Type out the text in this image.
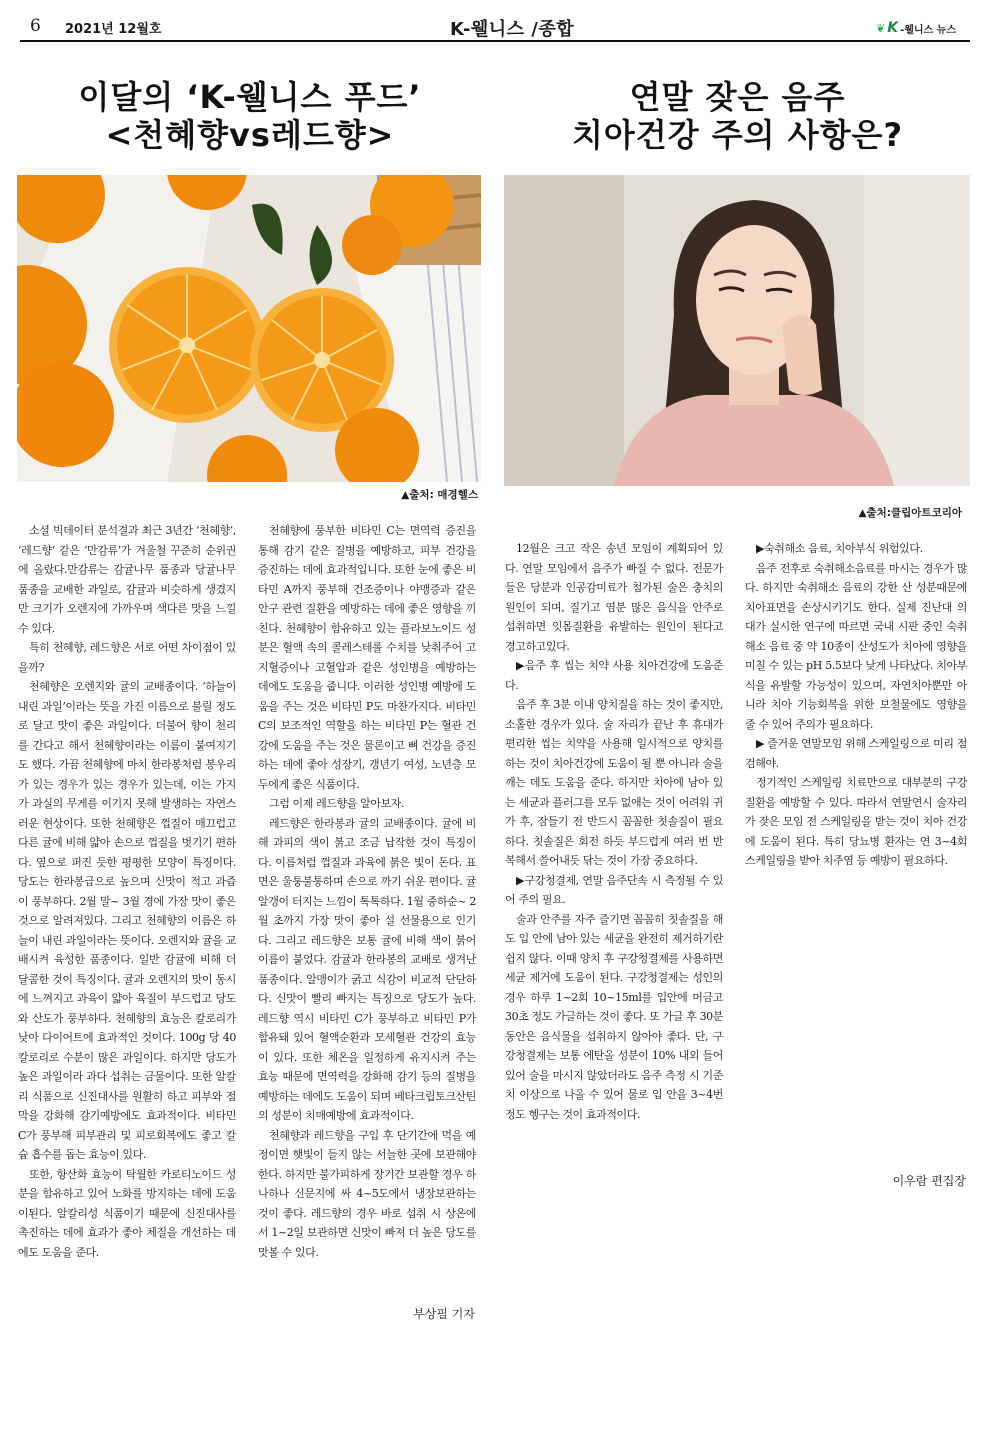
6 2021년 12월호	K-웰니스 /종합	❦ K -웰니스 뉴스
이달의 ‘K-웰니스 푸드’
<천혜향vs레드향>
▲출처: 매경헬스

소셜 빅데이터 분석결과 최근 3년간 ‘천혜향’, ‘레드향’ 같은 ‘만감류’가 겨울철 꾸준히 순위권에 올랐다.만감류는 감귤나무 품종과 당귤나무 품종을 교배한 과일로, 감귤과 비슷하게 생겼지만 크기가 오렌지에 가까우며 색다른 맛을 느낄 수 있다.

특히 천혜향, 레드향은 서로 어떤 차이점이 있을까?

천혜향은 오렌지와 귤의 교배종이다. ‘하늘이 내린 과일’이라는 뜻을 가진 이름으로 불릴 정도로 달고 맛이 좋은 과일이다. 더불어 향이 천리를 간다고 해서 천혜향이라는 이름이 붙여지기도 했다. 가끔 천혜향에 마치 한라봉처럼 봉우리가 있는 경우가 있는 경우가 있는데, 이는 가지가 과실의 무게를 이기지 못해 발생하는 자연스러운 현상이다. 또한 천혜향은 껍질이 매끄럽고 다른 귤에 비해 얇아 손으로 껍질을 벗기기 편하다. 옆으로 퍼진 듯한 평평한 모양이 특징이다. 당도는 한라봉급으로 높으며 신맛이 적고 과즙이 풍부하다. 2월 말~ 3월 경에 가장 맛이 좋은 것으로 알려져있다. 그리고 천혜향의 이름은 하늘이 내린 과일이라는 뜻이다. 오렌지와 귤을 교배시켜 육성한 품종이다. 일반 감귤에 비해 더 달콤한 것이 특징이다. 귤과 오렌지의 맛이 동시에 느껴지고 과육이 얇아 육질이 부드럽고 당도와 산도가 풍부하다. 천혜향의 효능은 칼로리가 낮아 다이어트에 효과적인 것이다. 100g 당 40칼로리로 수분이 많은 과일이다. 하지만 당도가 높은 과일이라 과다 섭취는 금물이다. 또한 알칼리 식품으로 신진대사를 원활히 하고 피부와 점막을 강화해 감기예방에도 효과적이다. 비타민 C가 풍부해 피부관리 및 피로회복에도 좋고 칼슘 흡수를 돕는 효능이 있다.

또한, 항산화 효능이 탁월한 카로티노이드 성분을 함유하고 있어 노화를 방지하는 데에 도움이된다. 알칼리성 식품이기 때문에 신진대사를 촉진하는 데에 효과가 좋아 체질을 개선하는 데에도 도움을 준다.

천혜향에 풍부한 비타민 C는 면역력 증진을 통해 감기 같은 질병을 예방하고, 피부 건강을 증진하는 데에 효과적입니다. 또한 눈에 좋은 비타민 A까지 풍부해 건조증이나 야맹증과 같은 안구 관련 질환을 예방하는 데에 좋은 영향을 끼친다. 천혜향이 함유하고 있는 플라보노이드 성분은 혈액 속의 콜레스테롤 수치를 낮춰주어 고지혈증이나 고혈압과 같은 성인병을 예방하는 데에도 도움을 줍니다. 이러한 성인병 예방에 도움을 주는 것은 비타민 P도 마찬가지다. 비타민 C의 보조적인 역할을 하는 비타민 P는 혈관 건강에 도움을 주는 것은 물론이고 뼈 건강을 증진하는 데에 좋아 성장기, 갱년기 여성, 노년층 모두에게 좋은 식품이다.

그럼 이제 레드향을 알아보자.

레드향은 한라봉과 귤의 교배종이다. 귤에 비해 과피의 색이 붉고 조금 납작한 것이 특징이다. 이름처럼 껍질과 과육에 붉은 빛이 돈다. 표면은 울퉁불퉁하며 손으로 까기 쉬운 편이다. 귤 알갱이 터지는 느낌이 톡톡하다. 1월 중하순~ 2월 초까지 가장 맛이 좋아 설 선물용으로 인기다. 그리고 레드향은 보통 귤에 비해 색이 붉어 이름이 붙었다. 감귤과 한라봉의 교배로 생겨난 품종이다. 알맹이가 굵고 식감이 비교적 단단하다. 신맛이 빨리 빠지는 특징으로 당도가 높다. 레드향 역시 비타민 C가 풍부하고 비타민 P가 함유돼 있어 혈액순환과 모세혈관 건강의 효능이 있다. 또한 체온을 일정하게 유지시켜 주는 효능 때문에 면역력을 강화해 감기 등의 질병을 예방하는 데에도 도움이 되며 베타크립토크산틴의 성분이 치매예방에 효과적이다.

천혜향과 레드향을 구입 후 단기간에 먹을 예정이면 햇빛이 들지 않는 서늘한 곳에 보관해야 한다. 하지만 불가피하게 장기간 보관할 경우 하나하나 신문지에 싸 4~5도에서 냉장보관하는 것이 좋다. 레드향의 경우 바로 섭취 시 상온에서 1~2일 보관하면 신맛이 빠져 더 높은 당도를 맛볼 수 있다.

부상필 기자
연말 잦은 음주
치아건강 주의 사항은?
▲출처:클립아트코리아

12월은 크고 작은 송년 모임이 계획되어 있다. 연말 모임에서 음주가 빠질 수 없다. 전문가들은 당분과 인공감미료가 첨가된 술은 충치의 원인이 되며, 질기고 염분 많은 음식을 안주로 섭취하면 잇몸질환을 유발하는 원인이 된다고 경고하고있다.

▶음주 후 씹는 치약 사용 치아건강에 도움준다.

음주 후 3분 이내 양치질을 하는 것이 좋지만, 소홀한 경우가 있다. 술 자리가 끝난 후 휴대가 편리한 씹는 치약을 사용해 일시적으로 양치를 하는 것이 치아건강에 도움이 될 뿐 아니라 술을 깨는 데도 도움을 준다. 하지만 치아에 남아 있는 세균과 플러그를 모두 없애는 것이 어려워 귀가 후, 잠들기 전 반드시 꼼꼼한 칫솔질이 필요하다. 칫솔질은 회전 하듯 부드럽게 여러 번 반복해서 쓸어내듯 닦는 것이 가장 중요하다.

▶구강청결제, 연말 음주단속 시 측정될 수 있어 주의 필요.

술과 안주를 자주 즐기면 꼼꼼히 칫솔질을 해도 입 안에 남아 있는 세균을 완전히 제거하기란 쉽지 않다. 이때 양치 후 구강청결제를 사용하면 세균 제거에 도움이 된다. 구강청결제는 성인의 경우 하루 1~2회 10~15ml를 입안에 머금고 30초 정도 가글하는 것이 좋다. 또 가글 후 30분 동안은 음식물을 섭취하지 않아야 좋다. 단, 구강청결제는 보통 에탄올 성분이 10% 내외 들어 있어 술을 마시지 않았더라도 음주 측정 시 기준치 이상으로 나올 수 있어 물로 입 안을 3~4번 정도 헹구는 것이 효과적이다.

▶숙취해소 음료, 치아부식 위험있다.

음주 전후로 숙취해소음료를 마시는 경우가 많다. 하지만 숙취해소 음료의 강한 산 성분때문에 치아표면을 손상시키기도 한다. 실제 진난대 의대가 실시한 연구에 따르면 국내 시판 중인 숙취해소 음료 중 약 10종이 산성도가 치아에 영향을 미칠 수 있는 pH 5.5보다 낮게 나타났다. 치아부식을 유발할 가능성이 있으며, 자연치아뿐만 아니라 치아 기능회복을 위한 보철물에도 영향을 줄 수 있어 주의가 필요하다.

▶ 즐거운 연말모임 위해 스케일링으로 미리 점검해야.

정기적인 스케일링 치료만으로 대부분의 구강질환을 예방할 수 있다. 따라서 연말연시 술자리가 잦은 모임 전 스케일링을 받는 것이 치아 건강에 도움이 된다. 특히 당뇨병 환자는 연 3~4회 스케일링을 받아 치주염 등 예방이 필요하다.

이우람 편집장
